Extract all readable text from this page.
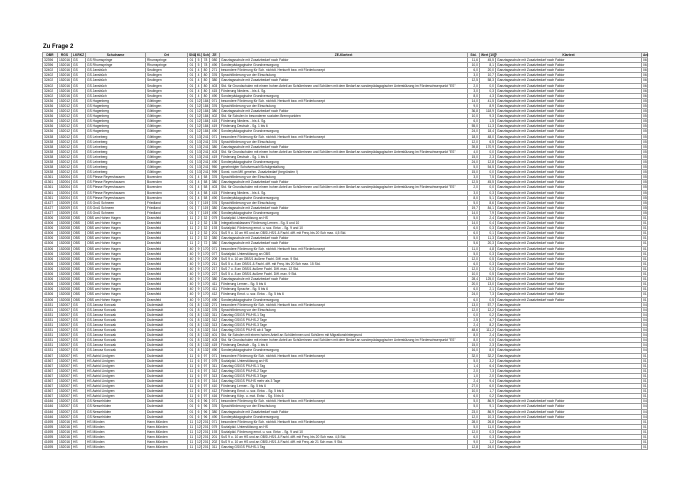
Zu Frage 2
DBR	RGS	LKRKZ	Schulname	Ort	SNA	Kl.	Sch	ZE	ZE-Klartext	Std.	Wert [10]?	Klartext	Anl
32396	152016	GS	GS Rhumspringe	Rhumspringe	01	5	78	080	Ganztagsschule mit Zusatzbedarf nach Faktor	11,6	45,5	Ganztagsschule mit Zusatzbedarf nach Faktor	06
32396	152016	GS	GS Rhumspringe	Rhumspringe	01	5	78	490	Sonderpädagogische Grundversorgung	10,0	8,1	Ganztagsschule mit Zusatzbedarf nach Faktor	06
32402	152016	GS	GS Jansbüch	Seulingen	01	4	80	271	besondere Förderung für Sch. nichtdt. Herkunft bzw. mit Förderkonzept	6,0	20,0	Ganztagsschule mit Zusatzbedarf nach Faktor	06
32402	152016	GS	GS Jansbüch	Seulingen	01	4	80	376	Sprachförderung vor der Einschulung	3,0	10,7	Ganztagsschule mit Zusatzbedarf nach Faktor	06
32402	152016	GS	GS Jansbüch	Seulingen	01	4	80	380	Ganztagsschule mit Zusatzbedarf nach Faktor	12,5	58,3	Ganztagsschule mit Zusatzbedarf nach Faktor	06
32402	152016	GS	GS Jansbüch	Seulingen	01	4	80	403	Std. für Grundschulen mit einem hohen Anteil an Schülerinnen und Schülern mit dem Bedarf an sonderpädagogischer Unterstützung im Förderschwerpunkt "ES"	2,0	0,0	Ganztagsschule mit Zusatzbedarf nach Faktor	06
32402	152016	GS	GS Jansbüch	Seulingen	01	4	80	415	Förderung Nieders. - bis 4. Sg.	3,0	0,3	Ganztagsschule mit Zusatzbedarf nach Faktor	06
32402	152016	GS	GS Jansbüch	Seulingen	01	4	80	490	Sonderpädagogische Grundversorgung	8,0	4,3	Ganztagsschule mit Zusatzbedarf nach Faktor	06
32436	152012	GS	GS Hagenberg	Göttingen	01	12	184	071	besondere Förderung für Sch. nichtdt. Herkunft bzw. mit Förderkonzept	14,0	41,5	Ganztagsschule mit Zusatzbedarf nach Faktor	05
32436	152012	GS	GS Hagenberg	Göttingen	01	12	184	376	Sprachförderung vor der Einschulung	9,0	8,9	Ganztagsschule mit Zusatzbedarf nach Faktor	05
32436	152012	GS	GS Hagenberg	Göttingen	01	12	184	380	Ganztagsschule mit Zusatzbedarf nach Faktor	36,8	118,9	Ganztagsschule mit Zusatzbedarf nach Faktor	05
32436	152012	GS	GS Hagenberg	Göttingen	01	12	184	402	Std. für Schulen in besonderen sozialen Brennpunkten	10,0	9,3	Ganztagsschule mit Zusatzbedarf nach Faktor	05
32436	152012	GS	GS Hagenberg	Göttingen	01	12	184	415	Förderung Nieders. - bis 4. Sg.	6,0	1,5	Ganztagsschule mit Zusatzbedarf nach Faktor	05
32436	152012	GS	GS Hagenberg	Göttingen	01	12	184	419	Förderung Deutsch - Sg. 1 bis 6	55,0	11,3	Ganztagsschule mit Zusatzbedarf nach Faktor	05
32436	152012	GS	GS Hagenberg	Göttingen	01	12	184	490	Sonderpädagogische Grundversorgung	24,0	18,4	Ganztagsschule mit Zusatzbedarf nach Faktor	05
32438	152012	GS	GS Leineberg	Göttingen	01	13	241	071	besondere Förderung für Sch. nichtdt. Herkunft bzw. mit Förderkonzept	18,0	48,0	Ganztagsschule mit Zusatzbedarf nach Faktor	05
32438	152012	GS	GS Leineberg	Göttingen	01	13	241	376	Sprachförderung vor der Einschulung	12,0	6,5	Ganztagsschule mit Zusatzbedarf nach Faktor	05
32438	152012	GS	GS Leineberg	Göttingen	01	13	241	380	Ganztagsschule mit Zusatzbedarf nach Faktor	39,8	170,9	Ganztagsschule mit Zusatzbedarf nach Faktor	05
32438	152012	GS	GS Leineberg	Göttingen	01	13	241	403	Std. für Grundschulen mit einem hohen Anteil an Schülerinnen und Schülern mit dem Bedarf an sonderpädagogischer Unterstützung im Förderschwerpunkt "ES"	4,0	0,0	Ganztagsschule mit Zusatzbedarf nach Faktor	05
32438	152012	GS	GS Leineberg	Göttingen	01	13	241	419	Förderung Deutsch - Sg. 1 bis 6	15,0	2,3	Ganztagsschule mit Zusatzbedarf nach Faktor	05
32438	152012	GS	GS Leineberg	Göttingen	01	13	241	490	Sonderpädagogische Grundversorgung	24,0	12,8	Ganztagsschule mit Zusatzbedarf nach Faktor	05
32438	152012	GS	GS Leineberg	Göttingen	01	13	241	950	genehmigter Schulversuch/Schulgestaltung	5,0	54,5	Ganztagsschule mit Zusatzbedarf nach Faktor	05
32438	152012	GS	GS Leineberg	Göttingen	01	13	241	999	Sonst. vom MK genehm. Zusatzbedarf (begründen !)	15,0	0,0	Ganztagsschule mit Zusatzbedarf nach Faktor	05
41361	152004	GS	GS Plesse Reyershausen	Bovenden	01	4	58	376	Sprachförderung vor der Einschulung	3,0	7,5	Ganztagsschule mit Zusatzbedarf nach Faktor	05
41361	152004	GS	GS Plesse Reyershausen	Bovenden	01	4	58	380	Ganztagsschule mit Zusatzbedarf nach Faktor	12,5	45,5	Ganztagsschule mit Zusatzbedarf nach Faktor	05
41361	152004	GS	GS Plesse Reyershausen	Bovenden	01	4	58	403	Std. für Grundschulen mit einem hohen Anteil an Schülerinnen und Schülern mit dem Bedarf an sonderpädagogischer Unterstützung im Förderschwerpunkt "ES"	2,0	0,0	Ganztagsschule mit Zusatzbedarf nach Faktor	05
41361	152004	GS	GS Plesse Reyershausen	Bovenden	01	4	58	415	Förderung Nieders. - bis 4. Sg.	3,0	0,3	Ganztagsschule mit Zusatzbedarf nach Faktor	05
41361	152004	GS	GS Plesse Reyershausen	Bovenden	01	4	58	490	Sonderpädagogische Grundversorgung	8,0	5,1	Ganztagsschule mit Zusatzbedarf nach Faktor	05
41427	152009	GS	GS Groß Schneen	Friedland	01	7	119	376	Sprachförderung vor der Einschulung	5,0	8,6	Ganztagsschule mit Zusatzbedarf nach Faktor	05
41427	152009	GS	GS Groß Schneen	Friedland	01	7	119	380	Ganztagsschule mit Zusatzbedarf nach Faktor	19,7	84,1	Ganztagsschule mit Zusatzbedarf nach Faktor	05
41427	152009	GS	GS Groß Schneen	Friedland	01	7	119	490	Sonderpädagogische Grundversorgung	14,0	7,9	Ganztagsschule mit Zusatzbedarf nach Faktor	05
41506	152008	OBS	OBS am Hohen Hagen	Dransfeld	11	2	32	079	Sozialpäd. Unterstützung an HS	5,0	2,4	Ganztagsschule mit Zusatzbedarf nach Faktor	01
41506	152008	OBS	OBS am Hohen Hagen	Dransfeld	11	2	32	135	Integrationsklassen/ Förderung Lernen - Sg. 5 und 10	14,0	0,4	Ganztagsschule mit Zusatzbedarf nach Faktor	01
41506	152008	OBS	OBS am Hohen Hagen	Dransfeld	11	2	32	193	Sozialpäd. Förderung emot. u. soz. Entw. - Sg. 9 und 10	6,0	0,3	Ganztagsschule mit Zusatzbedarf nach Faktor	01
41506	152008	OBS	OBS am Hohen Hagen	Dransfeld	11	2	32	201	SuS 9 u. 10 an HS und an OBS/-HS/1 & Fachl. diff. mit Freq. bis 20 Sch max. 4,5 Std.	6,0	0,1	Ganztagsschule mit Zusatzbedarf nach Faktor	01
41506	152008	OBS	OBS am Hohen Hagen	Dransfeld	11	2	32	380	Ganztagsschule mit Zusatzbedarf nach Faktor	5,0	11,3	Ganztagsschule mit Zusatzbedarf nach Faktor	01
41506	152008	OBS	OBS am Hohen Hagen	Dransfeld	11	2	72	380	Ganztagsschule mit Zusatzbedarf nach Faktor	5,6	20,3	Ganztagsschule mit Zusatzbedarf nach Faktor	01
41506	152008	OBS	OBS am Hohen Hagen	Dransfeld	40	9	170	071	besondere Förderung für Sch. nichtdt. Herkunft bzw. mit Förderkonzept	11,0	4,8	Ganztagsschule mit Zusatzbedarf nach Faktor	01
41506	152008	OBS	OBS am Hohen Hagen	Dransfeld	40	9	170	077	Sozialpäd. Unterstützung an OBS	5,0	0,3	Ganztagsschule mit Zusatzbedarf nach Faktor	01
41506	152008	OBS	OBS am Hohen Hagen	Dransfeld	40	9	170	209	SuS 9 u. 10 an OBS/1 äußere Fachl. Diff. max. 9 Std.	12,0	0,5	Ganztagsschule mit Zusatzbedarf nach Faktor	01
41506	152008	OBS	OBS am Hohen Hagen	Dransfeld	40	9	170	211	SuS 5 u. 8 an OBS/1 & Fachl. diff. mit Freq. bis 20 Sch max. 15 Std.	6,0	0,3	Ganztagsschule mit Zusatzbedarf nach Faktor	01
41506	152008	OBS	OBS am Hohen Hagen	Dransfeld	40	9	170	217	SuS 7 u. 8 an OBS/1 äußere Fachl. Diff. max. 12 Std.	12,0	0,3	Ganztagsschule mit Zusatzbedarf nach Faktor	01
41506	152008	OBS	OBS am Hohen Hagen	Dransfeld	40	9	170	227	SuS 5 u. 8 an OBS/1 äußere Fachl. Diff. max. 9 Std.	10,0	0,5	Ganztagsschule mit Zusatzbedarf nach Faktor	01
41506	152008	OBS	OBS am Hohen Hagen	Dransfeld	40	9	170	380	Ganztagsschule mit Zusatzbedarf nach Faktor	28,4	125,0	Ganztagsschule mit Zusatzbedarf nach Faktor	01
41506	152008	OBS	OBS am Hohen Hagen	Dransfeld	40	9	170	411	Förderung Lernen - Sg. 5 bis 6	20,0	13,0	Ganztagsschule mit Zusatzbedarf nach Faktor	01
41506	152008	OBS	OBS am Hohen Hagen	Dransfeld	40	9	170	411	Förderung Sprache - Sg. 5 bis 6	6,0	2,1	Ganztagsschule mit Zusatzbedarf nach Faktor	01
41506	152008	OBS	OBS am Hohen Hagen	Dransfeld	40	9	170	412	Förderung Emot. u. soz. Entw. - Sg. 5 bis 6	24,0	7,3	Ganztagsschule mit Zusatzbedarf nach Faktor	01
41506	152008	OBS	OBS am Hohen Hagen	Dransfeld	40	9	170	490	Sonderpädagogische Grundversorgung	6,0	0,5	Ganztagsschule mit Zusatzbedarf nach Faktor	01
41531	152007	GS	GS Janusz Korczak	Duderstadt	01	8	132	271	besondere Förderung für Sch. nichtdt. Herkunft bzw. mit Förderkonzept	13,0	57,7	Ganztagsschule	04
41531	152007	GS	GS Janusz Korczak	Duderstadt	01	8	132	376	Sprachförderung vor der Einschulung	12,0	12,2	Ganztagsschule	04
41531	152007	GS	GS Janusz Korczak	Duderstadt	01	8	132	311	Ganztag GS/GS Pfl./HS-1 Tag	0,0	0,2	Ganztagsschule	04
41531	152007	GS	GS Janusz Korczak	Duderstadt	01	8	132	312	Ganztag GS/GS Pfl./HS-2 Tage	2,5	4,7	Ganztagsschule	04
41531	152007	GS	GS Janusz Korczak	Duderstadt	01	8	132	313	Ganztag GS/GS Pfl./HS-3 Tage	2,4	8,2	Ganztagsschule	04
41531	152007	GS	GS Janusz Korczak	Duderstadt	01	8	132	314	Ganztag GS/GS Pfl./HS ab 4 Tage	48,6	111,2	Ganztagsschule	04
41531	152007	GS	GS Janusz Korczak	Duderstadt	01	8	132	401	Std. für Schulen mit einem hohen Anteil an Schülerinnen und Schülern mit Migrationshintergrund	8,0	2,4	Ganztagsschule	04
41531	152007	GS	GS Janusz Korczak	Duderstadt	01	8	132	403	Std. für Grundschulen mit einem hohen Anteil an Schülerinnen und Schülern mit dem Bedarf an sonderpädagogischer Unterstützung im Förderschwerpunkt "ES"	8,0	0,0	Ganztagsschule	04
41531	152007	GS	GS Janusz Korczak	Duderstadt	01	8	132	419	Förderung Deutsch - Sg. 1 bis 6	15,0	2,3	Ganztagsschule	04
41531	152007	GS	GS Janusz Korczak	Duderstadt	01	8	132	490	Sonderpädagogische Grundversorgung	16,0	8,0	Ganztagsschule	04
41567	152007	HS	HS Astrid Lindgren	Duderstadt	11	6	97	071	besondere Förderung für Sch. nichtdt. Herkunft bzw. mit Förderkonzept	32,0	32,2	Ganztagsschule	01
41567	152007	HS	HS Astrid Lindgren	Duderstadt	11	6	97	079	Sozialpäd. Unterstützung an HS	5,0	3,2	Ganztagsschule	01
41567	152007	HS	HS Astrid Lindgren	Duderstadt	11	6	97	311	Ganztag GS/GS Pfl./HS-1 Tag	1,4	6,4	Ganztagsschule	01
41567	152007	HS	HS Astrid Lindgren	Duderstadt	11	6	97	312	Ganztag GS/GS Pfl./HS-2 Tage	2,0	7,3	Ganztagsschule	01
41567	152007	HS	HS Astrid Lindgren	Duderstadt	11	6	97	313	Ganztag GS/GS Pfl./HS-3 Tage	1,0	2,0	Ganztagsschule	01
41567	152007	HS	HS Astrid Lindgren	Duderstadt	11	6	97	314	Ganztag GS/GS Pfl./HS mehr als 3 Tage	2,4	9,4	Ganztagsschule	01
41567	152007	HS	HS Astrid Lindgren	Duderstadt	11	6	97	410	Förderung Lernen - Sg. 5 bis 6	27,0	6,0	Ganztagsschule	01
41567	152007	HS	HS Astrid Lindgren	Duderstadt	11	6	97	412	Förderung Emot. u. soz. Entw. - Sg. 5 bis 6	10,0	1,7	Ganztagsschule	01
41567	152007	HS	HS Astrid Lindgren	Duderstadt	11	6	97	416	Förderung Körp. u. mot. Entw. - Sg. 5 bis 6	6,0	0,2	Ganztagsschule	01
41646	152007	GS	GS Nesselröden	Duderstadt	01	6	96	071	besondere Förderung für Sch. nichtdt. Herkunft bzw. mit Förderkonzept	5,0	86,9	Ganztagsschule mit Zusatzbedarf nach Faktor	04
41646	152007	GS	GS Nesselröden	Duderstadt	01	6	96	376	Sprachförderung vor der Einschulung	5,0	9,1	Ganztagsschule mit Zusatzbedarf nach Faktor	04
41646	152007	GS	GS Nesselröden	Duderstadt	01	6	96	380	Ganztagsschule mit Zusatzbedarf nach Faktor	23,0	86,9	Ganztagsschule mit Zusatzbedarf nach Faktor	04
41646	152007	GS	GS Nesselröden	Duderstadt	01	6	96	490	Sonderpädagogische Grundversorgung	12,0	10,3	Ganztagsschule mit Zusatzbedarf nach Faktor	04
41695	152016	HS	HS Münden	Hann.Münden	11	12	201	071	besondere Förderung für Sch. nichtdt. Herkunft bzw. mit Förderkonzept	28,0	26,8	Ganztagsschule	01
41695	152016	HS	HS Münden	Hann.Münden	11	12	201	079	Sozialpäd. Unterstützung an HS	5,0	11,0	Ganztagsschule	01
41695	152016	HS	HS Münden	Hann.Münden	11	12	201	193	Sozialpäd. Förderung emot. u. soz. Entw. - Sg. 9 und 10	12,0	0,3	Ganztagsschule	01
41695	152016	HS	HS Münden	Hann.Münden	11	12	201	201	SuS 9 u. 10 an HS und an OBS/-HS/1 & Fachl. diff. mit Freq. bis 20 Sch max. 4,5 Std.	6,0	0,3	Ganztagsschule	01
41695	152016	HS	HS Münden	Hann.Münden	11	12	201	202	SuS 9 u. 10 an HS und an OBS/-HS/1 & Fachl. diff. mit Freq. ab 21 Sch max. 9 Std.	9,0	1,2	Ganztagsschule	01
41695	152016	HS	HS Münden	Hann.Münden	11	12	201	311	Ganztag GS/GS Pfl./HS-1 Tag	12,8	24,0	Ganztagsschule	01
